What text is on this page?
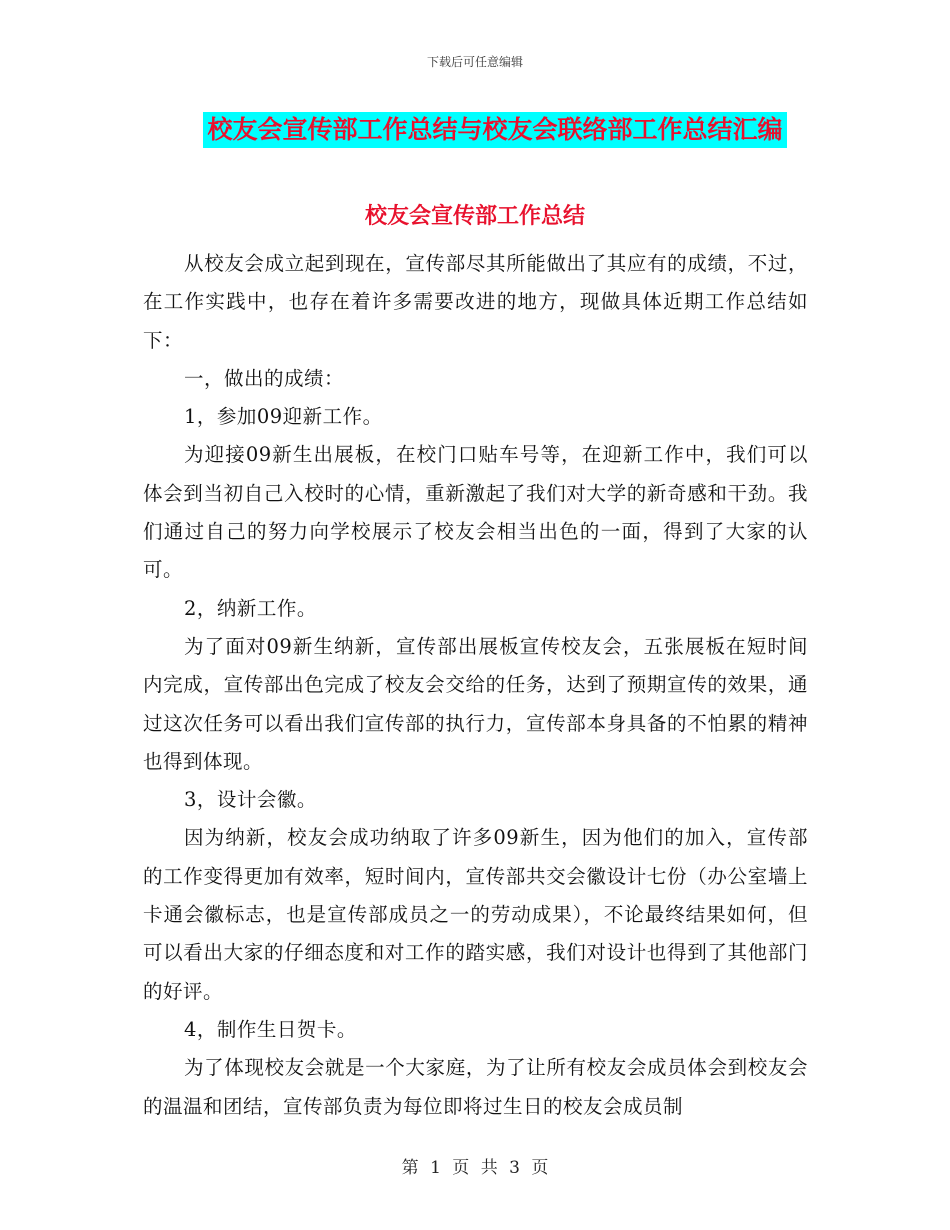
下载后可任意编辑
校友会宣传部工作总结与校友会联络部工作总结汇编
校友会宣传部工作总结

从校友会成立起到现在，宣传部尽其所能做出了其应有的成绩，不过，在工作实践中，也存在着许多需要改进的地方，现做具体近期工作总结如下：

一，做出的成绩：

1，参加09迎新工作。

为迎接09新生出展板，在校门口贴车号等，在迎新工作中，我们可以体会到当初自己入校时的心情，重新激起了我们对大学的新奇感和干劲。我们通过自己的努力向学校展示了校友会相当出色的一面，得到了大家的认可。

2，纳新工作。

为了面对09新生纳新，宣传部出展板宣传校友会，五张展板在短时间内完成，宣传部出色完成了校友会交给的任务，达到了预期宣传的效果，通过这次任务可以看出我们宣传部的执行力，宣传部本身具备的不怕累的精神也得到体现。

3，设计会徽。

因为纳新，校友会成功纳取了许多09新生，因为他们的加入，宣传部的工作变得更加有效率，短时间内，宣传部共交会徽设计七份（办公室墙上卡通会徽标志，也是宣传部成员之一的劳动成果），不论最终结果如何，但可以看出大家的仔细态度和对工作的踏实感，我们对设计也得到了其他部门的好评。

4，制作生日贺卡。

为了体现校友会就是一个大家庭，为了让所有校友会成员体会到校友会的温温和团结，宣传部负责为每位即将过生日的校友会成员制

第 1 页 共 3 页
